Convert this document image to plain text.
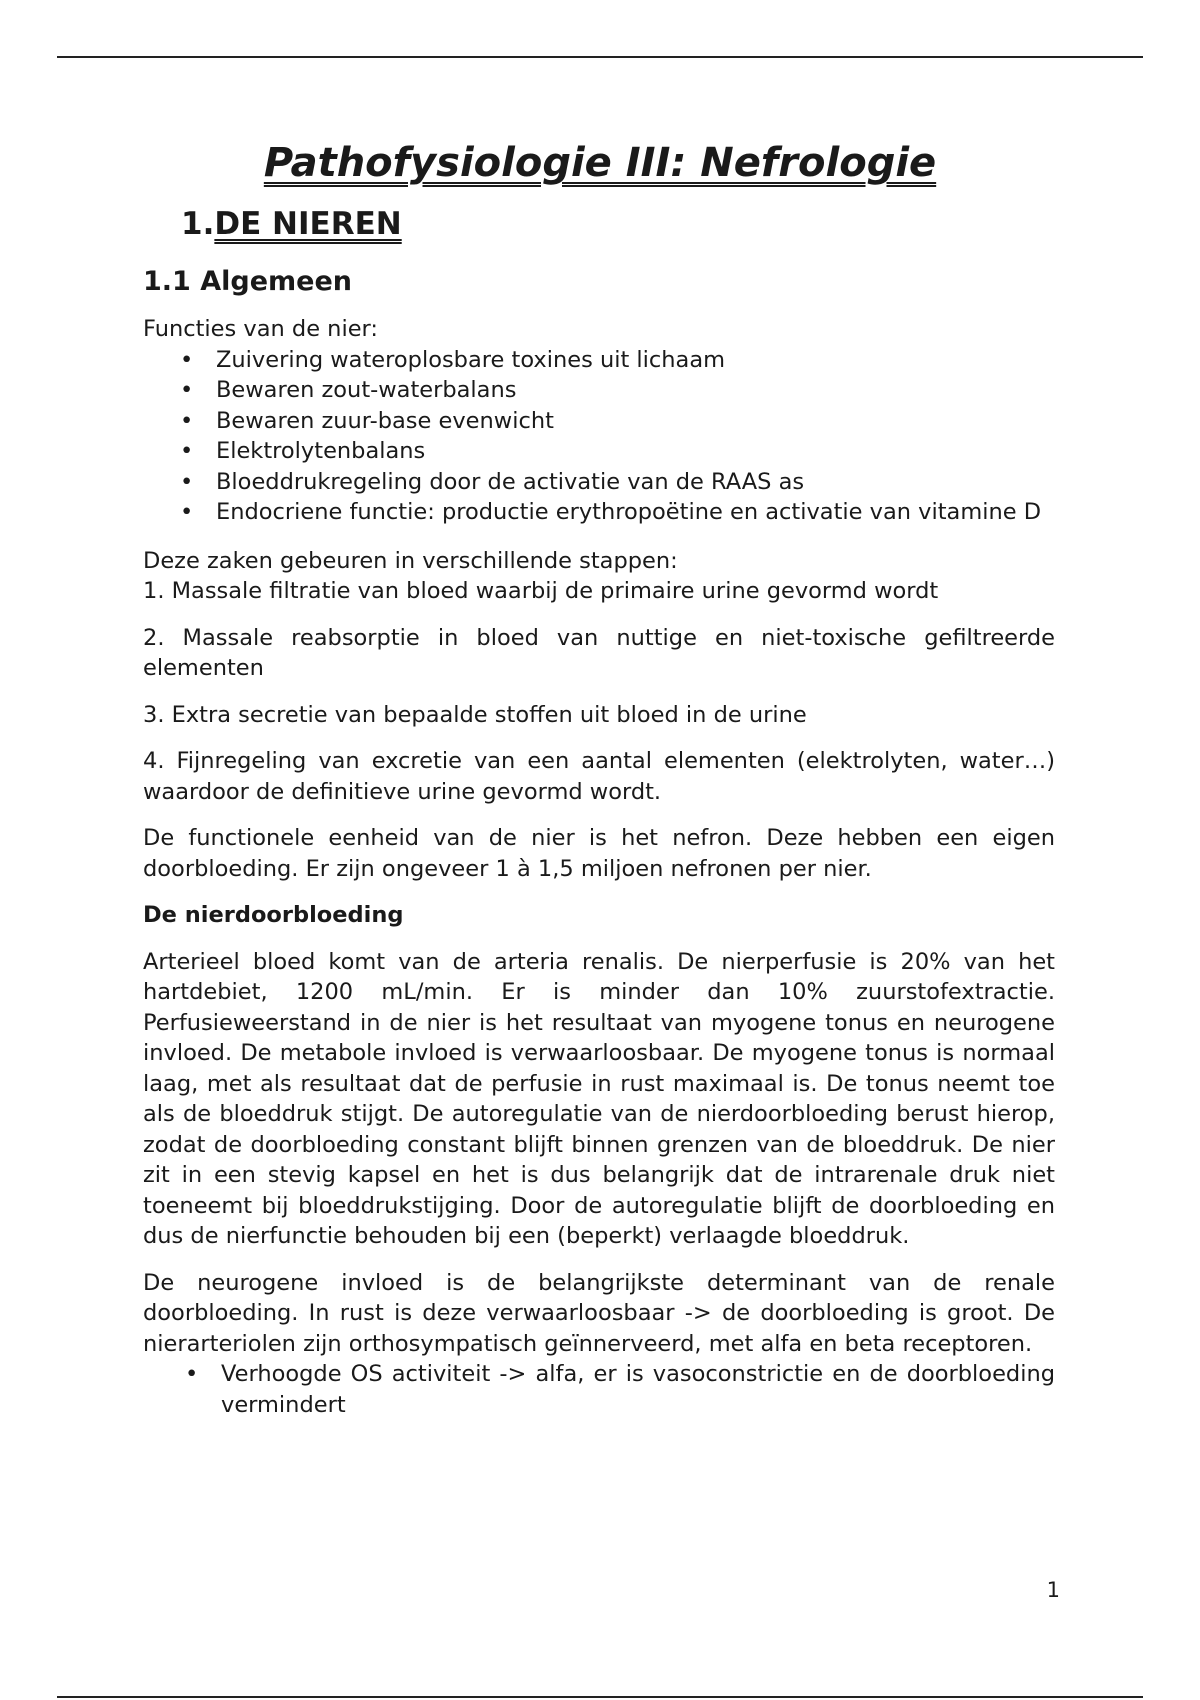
Pathofysiologie III: Nefrologie
1.DE NIEREN
1.1 Algemeen

Functies van de nier:

• Zuivering wateroplosbare toxines uit lichaam
• Bewaren zout-waterbalans
• Bewaren zuur-base evenwicht
• Elektrolytenbalans
• Bloeddrukregeling door de activatie van de RAAS as
• Endocriene functie: productie erythropoëtine en activatie van vitamine D

Deze zaken gebeuren in verschillende stappen:

1. Massale filtratie van bloed waarbij de primaire urine gevormd wordt

2. Massale reabsorptie in bloed van nuttige en niet-toxische gefiltreerde elementen

3. Extra secretie van bepaalde stoffen uit bloed in de urine

4. Fijnregeling van excretie van een aantal elementen (elektrolyten, water…) waardoor de definitieve urine gevormd wordt.

De functionele eenheid van de nier is het nefron. Deze hebben een eigen doorbloeding. Er zijn ongeveer 1 à 1,5 miljoen nefronen per nier.

De nierdoorbloeding

Arterieel bloed komt van de arteria renalis. De nierperfusie is 20% van het hartdebiet, 1200 mL/min. Er is minder dan 10% zuurstofextractie. Perfusieweerstand in de nier is het resultaat van myogene tonus en neurogene invloed. De metabole invloed is verwaarloosbaar. De myogene tonus is normaal laag, met als resultaat dat de perfusie in rust maximaal is. De tonus neemt toe als de bloeddruk stijgt. De autoregulatie van de nierdoorbloeding berust hierop, zodat de doorbloeding constant blijft binnen grenzen van de bloeddruk. De nier zit in een stevig kapsel en het is dus belangrijk dat de intrarenale druk niet toeneemt bij bloeddrukstijging. Door de autoregulatie blijft de doorbloeding en dus de nierfunctie behouden bij een (beperkt) verlaagde bloeddruk.

De neurogene invloed is de belangrijkste determinant van de renale doorbloeding. In rust is deze verwaarloosbaar -> de doorbloeding is groot. De nierarteriolen zijn orthosympatisch geïnnerveerd, met alfa en beta receptoren.

• Verhoogde OS activiteit -> alfa, er is vasoconstrictie en de doorbloeding vermindert
1
